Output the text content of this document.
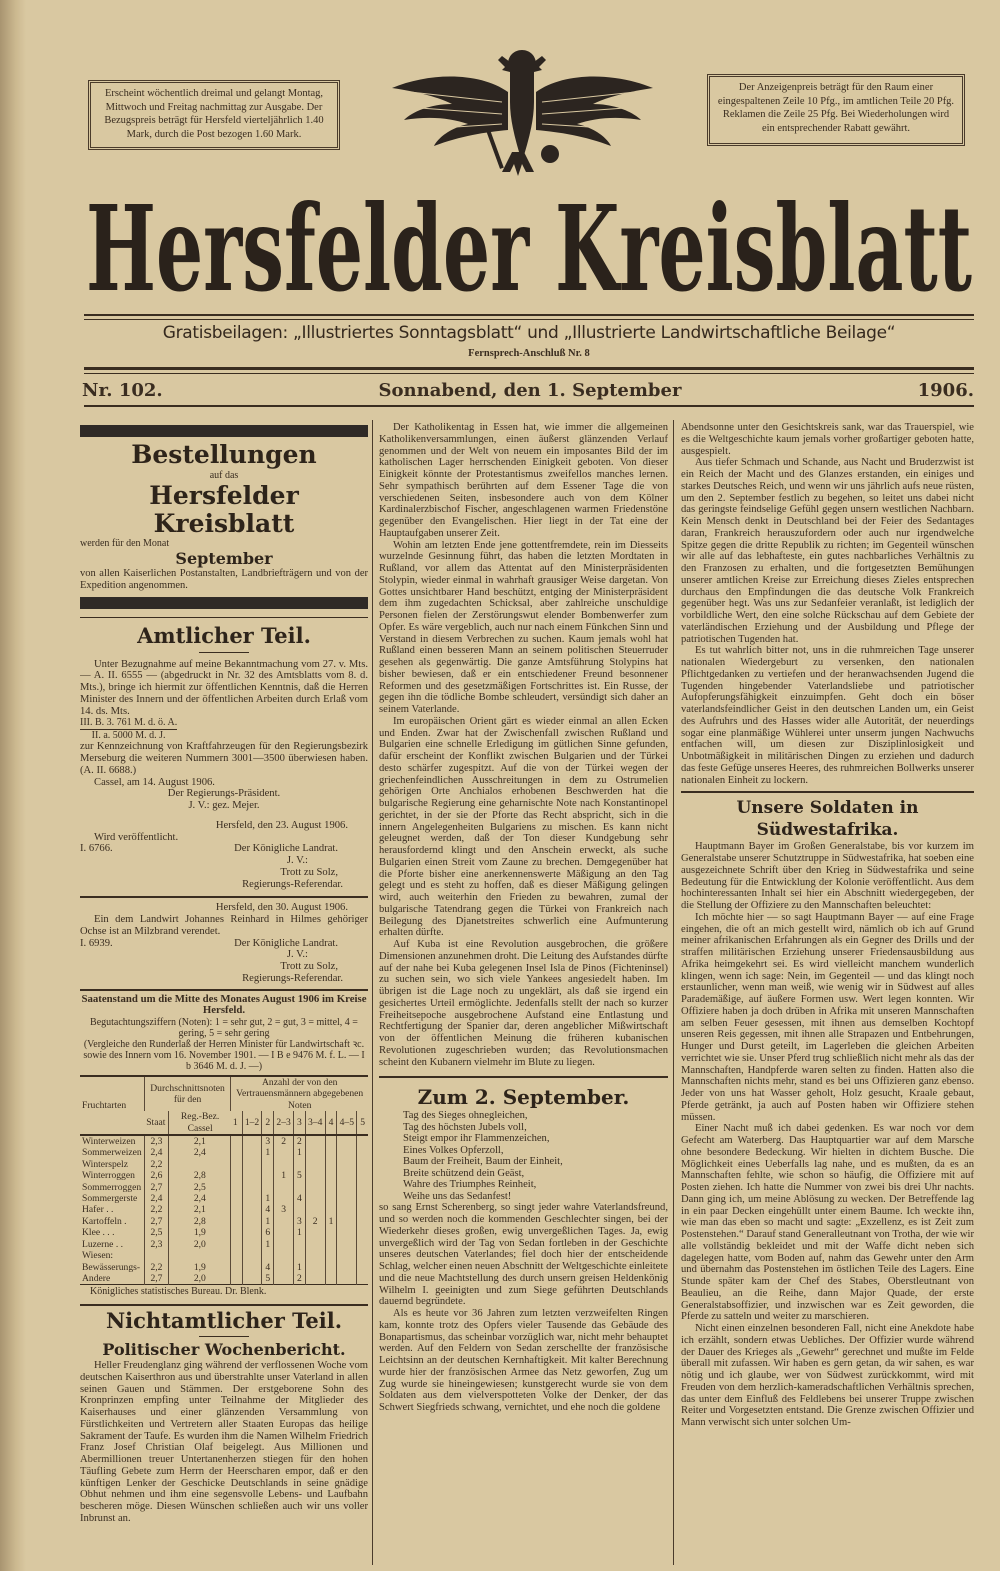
Erscheint wöchentlich dreimal und gelangt Montag, Mittwoch und Freitag nachmittag zur Ausgabe. Der Bezugspreis beträgt für Hersfeld vierteljährlich 1.40 Mark, durch die Post bezogen 1.60 Mark.
Der Anzeigenpreis beträgt für den Raum einer eingespaltenen Zeile 10 Pfg., im amtlichen Teile 20 Pfg. Reklamen die Zeile 25 Pfg. Bei Wiederholungen wird ein entsprechender Rabatt gewährt.
Hersfelder Kreisblatt
Gratisbeilagen: „Illustriertes Sonntagsblatt“ und „Illustrierte Landwirtschaftliche Beilage“
Fernsprech-Anschluß Nr. 8
Nr. 102.	Sonnabend, den 1. September	1906.
Bestellungen
auf das
Hersfelder Kreisblatt
werden für den Monat
September
von allen Kaiserlichen Postanstalten, Landbriefträgern und von der Expedition angenommen.
Amtlicher Teil.

Unter Bezugnahme auf meine Bekanntmachung vom 27. v. Mts. — A. II. 6555 — (abgedruckt in Nr. 32 des Amtsblatts vom 8. d. Mts.), bringe ich hiermit zur öffentlichen Kenntnis, daß die Herren Minister des Innern und der öffentlichen Arbeiten durch Erlaß vom 14. ds. Mts.

III. B. 3. 761 M. d. ö. A.
II. a. 5000 M. d. J.
zur Kennzeichnung von Kraftfahrzeugen für den Regierungsbezirk Merseburg die weiteren Nummern 3001—3500 überwiesen haben. (A. II. 6688.)
Cassel, am 14. August 1906.
Der Regierungs-Präsident.
J. V.: gez. Mejer.
Hersfeld, den 23. August 1906.
Wird veröffentlicht.
I. 6766.	Der Königliche Landrat.
J. V.:
Trott zu Solz,
Regierungs-Referendar.
Hersfeld, den 30. August 1906.

Ein dem Landwirt Johannes Reinhard in Hilmes gehöriger Ochse ist an Milzbrand verendet.

I. 6939.	Der Königliche Landrat.
J. V.:
Trott zu Solz,
Regierungs-Referendar.
Saatenstand um die Mitte des Monates August 1906 im Kreise Hersfeld.
Begutachtungsziffern (Noten): 1 = sehr gut, 2 = gut, 3 = mittel, 4 = gering, 5 = sehr gering
(Vergleiche den Runderlaß der Herren Minister für Landwirtschaft ꝛc. sowie des Innern vom 16. November 1901. — I B e 9476 M. f. L. — I b 3646 M. d. J. —)
Fruchtarten	Durchschnittsnoten für den		Anzahl der von den Vertrauensmännern abgegebenen Noten								
	Staat	Reg.-Bez. Cassel									
			1	1–2	2	2–3	3	3–4	4	4–5	5
Winterweizen	2,3	2,1			3	2	2				
Sommerweizen	2,4	2,4			1		1				
Winterspelz	2,2										
Winterroggen	2,6	2,8				1	5				
Sommerroggen	2,7	2,5									
Sommergerste	2,4	2,4			1		4				
Hafer . .	2,2	2,1			4	3					
Kartoffeln .	2,7	2,8			1		3	2	1		
Klee . . .	2,5	1,9			6		1				
Luzerne . .	2,3	2,0			1						
Wiesen:											
Bewässerungs-	2,2	1,9			4		1				
Andere	2,7	2,0			5		2				
Königliches statistisches Bureau. Dr. Blenk.
Nichtamtlicher Teil.
Politischer Wochenbericht.

Heller Freudenglanz ging während der verflossenen Woche vom deutschen Kaiserthron aus und überstrahlte unser Vaterland in allen seinen Gauen und Stämmen. Der erstgeborene Sohn des Kronprinzen empfing unter Teilnahme der Mitglieder des Kaiserhauses und einer glänzenden Versammlung von Fürstlichkeiten und Vertretern aller Staaten Europas das heilige Sakrament der Taufe. Es wurden ihm die Namen Wilhelm Friedrich Franz Josef Christian Olaf beigelegt. Aus Millionen und Abermillionen treuer Untertanenherzen stiegen für den hohen Täufling Gebete zum Herrn der Heerscharen empor, daß er den künftigen Lenker der Geschicke Deutschlands in seine gnädige Obhut nehmen und ihm eine segensvolle Lebens- und Laufbahn bescheren möge. Diesen Wünschen schließen auch wir uns voller Inbrunst an.

Der Katholikentag in Essen hat, wie immer die allgemeinen Katholikenversammlungen, einen äußerst glänzenden Verlauf genommen und der Welt von neuem ein imposantes Bild der im katholischen Lager herrschenden Einigkeit geboten. Von dieser Einigkeit könnte der Protestantismus zweifellos manches lernen. Sehr sympathisch berührten auf dem Essener Tage die von verschiedenen Seiten, insbesondere auch von dem Kölner Kardinalerzbischof Fischer, angeschlagenen warmen Friedenstöne gegenüber den Evangelischen. Hier liegt in der Tat eine der Hauptaufgaben unserer Zeit.

Wohin am letzten Ende jene gottentfremdete, rein im Diesseits wurzelnde Gesinnung führt, das haben die letzten Mordtaten in Rußland, vor allem das Attentat auf den Ministerpräsidenten Stolypin, wieder einmal in wahrhaft grausiger Weise dargetan. Von Gottes unsichtbarer Hand beschützt, entging der Ministerpräsident dem ihm zugedachten Schicksal, aber zahlreiche unschuldige Personen fielen der Zerstörungswut elender Bombenwerfer zum Opfer. Es wäre vergeblich, auch nur nach einem Fünkchen Sinn und Verstand in diesem Verbrechen zu suchen. Kaum jemals wohl hat Rußland einen besseren Mann an seinem politischen Steuerruder gesehen als gegenwärtig. Die ganze Amtsführung Stolypins hat bisher bewiesen, daß er ein entschiedener Freund besonnener Reformen und des gesetzmäßigen Fortschrittes ist. Ein Russe, der gegen ihn die tödliche Bombe schleudert, versündigt sich daher an seinem Vaterlande.

Im europäischen Orient gärt es wieder einmal an allen Ecken und Enden. Zwar hat der Zwischenfall zwischen Rußland und Bulgarien eine schnelle Erledigung im gütlichen Sinne gefunden, dafür erscheint der Konflikt zwischen Bulgarien und der Türkei desto schärfer zugespitzt. Auf die von der Türkei wegen der griechenfeindlichen Ausschreitungen in dem zu Ostrumelien gehörigen Orte Anchialos erhobenen Beschwerden hat die bulgarische Regierung eine geharnischte Note nach Konstantinopel gerichtet, in der sie der Pforte das Recht abspricht, sich in die innern Angelegenheiten Bulgariens zu mischen. Es kann nicht geleugnet werden, daß der Ton dieser Kundgebung sehr herausfordernd klingt und den Anschein erweckt, als suche Bulgarien einen Streit vom Zaune zu brechen. Demgegenüber hat die Pforte bisher eine anerkennenswerte Mäßigung an den Tag gelegt und es steht zu hoffen, daß es dieser Mäßigung gelingen wird, auch weiterhin den Frieden zu bewahren, zumal der bulgarische Tatendrang gegen die Türkei von Frankreich nach Beilegung des Djanetstreites schwerlich eine Aufmunterung erhalten dürfte.

Auf Kuba ist eine Revolution ausgebrochen, die größere Dimensionen anzunehmen droht. Die Leitung des Aufstandes dürfte auf der nahe bei Kuba gelegenen Insel Isla de Pinos (Fichteninsel) zu suchen sein, wo sich viele Yankees angesiedelt haben. Im übrigen ist die Lage noch zu ungeklärt, als daß sie irgend ein gesichertes Urteil ermöglichte. Jedenfalls stellt der nach so kurzer Freiheitsepoche ausgebrochene Aufstand eine Entlastung und Rechtfertigung der Spanier dar, deren angeblicher Mißwirtschaft von der öffentlichen Meinung die früheren kubanischen Revolutionen zugeschrieben wurden; das Revolutionsmachen scheint den Kubanern vielmehr im Blute zu liegen.

Zum 2. September.
Tag des Sieges ohnegleichen,
Tag des höchsten Jubels voll,
Steigt empor ihr Flammenzeichen,
Eines Volkes Opferzoll,
Baum der Freiheit, Baum der Einheit,
Breite schützend dein Geäst,
Wahre des Triumphes Reinheit,
Weihe uns das Sedanfest!

so sang Ernst Scherenberg, so singt jeder wahre Vaterlandsfreund, und so werden noch die kommenden Geschlechter singen, bei der Wiederkehr dieses großen, ewig unvergeßlichen Tages. Ja, ewig unvergeßlich wird der Tag von Sedan fortleben in der Geschichte unseres deutschen Vaterlandes; fiel doch hier der entscheidende Schlag, welcher einen neuen Abschnitt der Weltgeschichte einleitete und die neue Machtstellung des durch unsern greisen Heldenkönig Wilhelm I. geeinigten und zum Siege geführten Deutschlands dauernd begründete.

Als es heute vor 36 Jahren zum letzten verzweifelten Ringen kam, konnte trotz des Opfers vieler Tausende das Gebäude des Bonapartismus, das scheinbar vorzüglich war, nicht mehr behauptet werden. Auf den Feldern von Sedan zerschellte der französische Leichtsinn an der deutschen Kernhaftigkeit. Mit kalter Berechnung wurde hier der französischen Armee das Netz geworfen, Zug um Zug wurde sie hineingewiesen; kunstgerecht wurde sie von dem Soldaten aus dem vielverspotteten Volke der Denker, der das Schwert Siegfrieds schwang, vernichtet, und ehe noch die goldene

Abendsonne unter den Gesichtskreis sank, war das Trauerspiel, wie es die Weltgeschichte kaum jemals vorher großartiger geboten hatte, ausgespielt.

Aus tiefer Schmach und Schande, aus Nacht und Bruderzwist ist ein Reich der Macht und des Glanzes erstanden, ein einiges und starkes Deutsches Reich, und wenn wir uns jährlich aufs neue rüsten, um den 2. September festlich zu begehen, so leitet uns dabei nicht das geringste feindselige Gefühl gegen unsern westlichen Nachbarn. Kein Mensch denkt in Deutschland bei der Feier des Sedantages daran, Frankreich herauszufordern oder auch nur irgendwelche Spitze gegen die dritte Republik zu richten; im Gegenteil wünschen wir alle auf das lebhafteste, ein gutes nachbarliches Verhältnis zu den Franzosen zu erhalten, und die fortgesetzten Bemühungen unserer amtlichen Kreise zur Erreichung dieses Zieles entsprechen durchaus den Empfindungen die das deutsche Volk Frankreich gegenüber hegt. Was uns zur Sedanfeier veranlaßt, ist lediglich der vorbildliche Wert, den eine solche Rückschau auf dem Gebiete der vaterländischen Erziehung und der Ausbildung und Pflege der patriotischen Tugenden hat.

Es tut wahrlich bitter not, uns in die ruhmreichen Tage unserer nationalen Wiedergeburt zu versenken, den nationalen Pflichtgedanken zu vertiefen und der heranwachsenden Jugend die Tugenden hingebender Vaterlandsliebe und patriotischer Aufopferungsfähigkeit einzuimpfen. Geht doch ein böser vaterlandsfeindlicher Geist in den deutschen Landen um, ein Geist des Aufruhrs und des Hasses wider alle Autorität, der neuerdings sogar eine planmäßige Wühlerei unter unserm jungen Nachwuchs entfachen will, um diesen zur Disziplinlosigkeit und Unbotmäßigkeit in militärischen Dingen zu erziehen und dadurch das feste Gefüge unseres Heeres, des ruhmreichen Bollwerks unserer nationalen Einheit zu lockern.

Unsere Soldaten in Südwestafrika.

Hauptmann Bayer im Großen Generalstabe, bis vor kurzem im Generalstabe unserer Schutztruppe in Südwestafrika, hat soeben eine ausgezeichnete Schrift über den Krieg in Südwestafrika und seine Bedeutung für die Entwicklung der Kolonie veröffentlicht. Aus dem hochinteressanten Inhalt sei hier ein Abschnitt wiedergegeben, der die Stellung der Offiziere zu den Mannschaften beleuchtet:

Ich möchte hier — so sagt Hauptmann Bayer — auf eine Frage eingehen, die oft an mich gestellt wird, nämlich ob ich auf Grund meiner afrikanischen Erfahrungen als ein Gegner des Drills und der straffen militärischen Erziehung unserer Friedensausbildung aus Afrika heimgekehrt sei. Es wird vielleicht manchem wunderlich klingen, wenn ich sage: Nein, im Gegenteil — und das klingt noch erstaunlicher, wenn man weiß, wie wenig wir in Südwest auf alles Parademäßige, auf äußere Formen usw. Wert legen konnten. Wir Offiziere haben ja doch drüben in Afrika mit unseren Mannschaften am selben Feuer gesessen, mit ihnen aus demselben Kochtopf unseren Reis gegessen, mit ihnen alle Strapazen und Entbehrungen, Hunger und Durst geteilt, im Lagerleben die gleichen Arbeiten verrichtet wie sie. Unser Pferd trug schließlich nicht mehr als das der Mannschaften, Handpferde waren selten zu finden. Hatten also die Mannschaften nichts mehr, stand es bei uns Offizieren ganz ebenso. Jeder von uns hat Wasser geholt, Holz gesucht, Kraale gebaut, Pferde getränkt, ja auch auf Posten haben wir Offiziere stehen müssen.

Einer Nacht muß ich dabei gedenken. Es war noch vor dem Gefecht am Waterberg. Das Hauptquartier war auf dem Marsche ohne besondere Bedeckung. Wir hielten in dichtem Busche. Die Möglichkeit eines Ueberfalls lag nahe, und es mußten, da es an Mannschaften fehlte, wie schon so häufig, die Offiziere mit auf Posten ziehen. Ich hatte die Nummer von zwei bis drei Uhr nachts. Dann ging ich, um meine Ablösung zu wecken. Der Betreffende lag in ein paar Decken eingehüllt unter einem Baume. Ich weckte ihn, wie man das eben so macht und sagte: „Exzellenz, es ist Zeit zum Postenstehen.“ Darauf stand Generalleutnant von Trotha, der wie wir alle vollständig bekleidet und mit der Waffe dicht neben sich dagelegen hatte, vom Boden auf, nahm das Gewehr unter den Arm und übernahm das Postenstehen im östlichen Teile des Lagers. Eine Stunde später kam der Chef des Stabes, Oberstleutnant von Beaulieu, an die Reihe, dann Major Quade, der erste Generalstabsoffizier, und inzwischen war es Zeit geworden, die Pferde zu satteln und weiter zu marschieren.

Nicht einen einzelnen besonderen Fall, nicht eine Anekdote habe ich erzählt, sondern etwas Uebliches. Der Offizier wurde während der Dauer des Krieges als „Gewehr“ gerechnet und mußte im Felde überall mit zufassen. Wir haben es gern getan, da wir sahen, es war nötig und ich glaube, wer von Südwest zurückkommt, wird mit Freuden von dem herzlich-kameradschaftlichen Verhältnis sprechen, das unter dem Einfluß des Feldlebens bei unserer Truppe zwischen Reiter und Vorgesetzten entstand. Die Grenze zwischen Offizier und Mann verwischt sich unter solchen Um-
